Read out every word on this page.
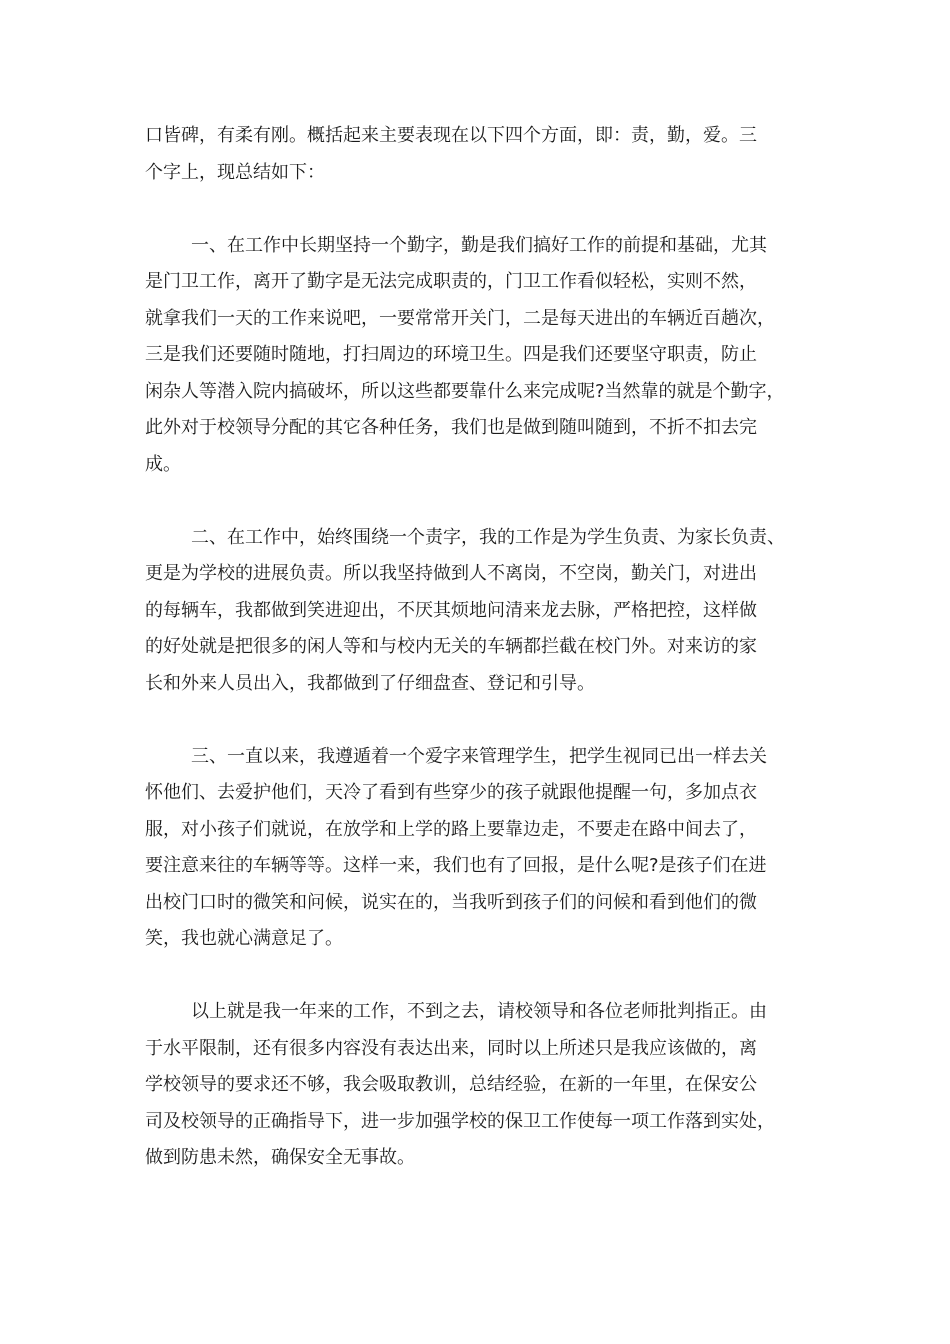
口皆碑，有柔有刚。概括起来主要表现在以下四个方面，即：责，勤，爱。三
个字上，现总结如下：
一、在工作中长期坚持一个勤字，勤是我们搞好工作的前提和基础，尤其
是门卫工作，离开了勤字是无法完成职责的，门卫工作看似轻松，实则不然，
就拿我们一天的工作来说吧，一要常常开关门，二是每天进出的车辆近百趟次，
三是我们还要随时随地，打扫周边的环境卫生。四是我们还要坚守职责，防止
闲杂人等潜入院内搞破坏，所以这些都要靠什么来完成呢?当然靠的就是个勤字，
此外对于校领导分配的其它各种任务，我们也是做到随叫随到，不折不扣去完
成。
二、在工作中，始终围绕一个责字，我的工作是为学生负责、为家长负责、
更是为学校的进展负责。所以我坚持做到人不离岗，不空岗，勤关门，对进出
的每辆车，我都做到笑进迎出，不厌其烦地问清来龙去脉，严格把控，这样做
的好处就是把很多的闲人等和与校内无关的车辆都拦截在校门外。对来访的家
长和外来人员出入，我都做到了仔细盘查、登记和引导。
三、一直以来，我遵遁着一个爱字来管理学生，把学生视同已出一样去关
怀他们、去爱护他们，天冷了看到有些穿少的孩子就跟他提醒一句，多加点衣
服，对小孩子们就说，在放学和上学的路上要靠边走，不要走在路中间去了，
要注意来往的车辆等等。这样一来，我们也有了回报，是什么呢?是孩子们在进
出校门口时的微笑和问候，说实在的，当我听到孩子们的问候和看到他们的微
笑，我也就心满意足了。
以上就是我一年来的工作，不到之去，请校领导和各位老师批判指正。由
于水平限制，还有很多内容没有表达出来，同时以上所述只是我应该做的，离
学校领导的要求还不够，我会吸取教训，总结经验，在新的一年里，在保安公
司及校领导的正确指导下，进一步加强学校的保卫工作使每一项工作落到实处，
做到防患未然，确保安全无事故。
